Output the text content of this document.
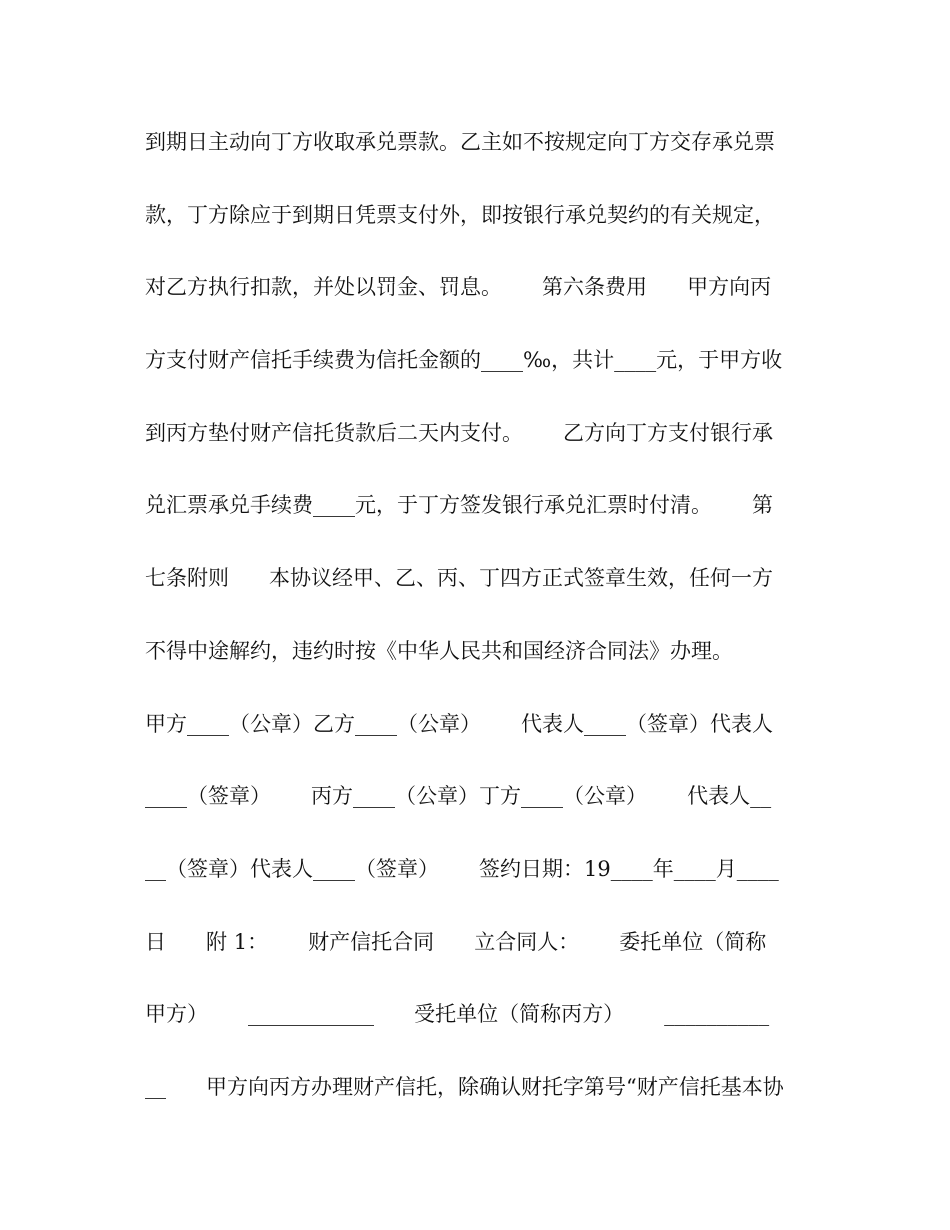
到期日主动向丁方收取承兑票款。乙主如不按规定向丁方交存承兑票

款，丁方除应于到期日凭票支付外，即按银行承兑契约的有关规定，

对乙方执行扣款，并处以罚金、罚息。      第六条费用      甲方向丙

方支付财产信托手续费为信托金额的____‰，共计____元，于甲方收

到丙方垫付财产信托货款后二天内支付。      乙方向丁方支付银行承

兑汇票承兑手续费____元，于丁方签发银行承兑汇票时付清。      第

七条附则      本协议经甲、乙、丙、丁四方正式签章生效，任何一方

不得中途解约，违约时按《中华人民共和国经济合同法》办理。

甲方____（公章）乙方____（公章）      代表人____（签章）代表人

____（签章）      丙方____（公章）丁方____（公章）      代表人__

__（签章）代表人____（签章）      签约日期：19____年____月____

日      附 1：      财产信托合同      立合同人：      委托单位（简称

甲方）      ____________      受托单位（简称丙方）      __________

__      甲方向丙方办理财产信托，除确认财托字第号“财产信托基本协
